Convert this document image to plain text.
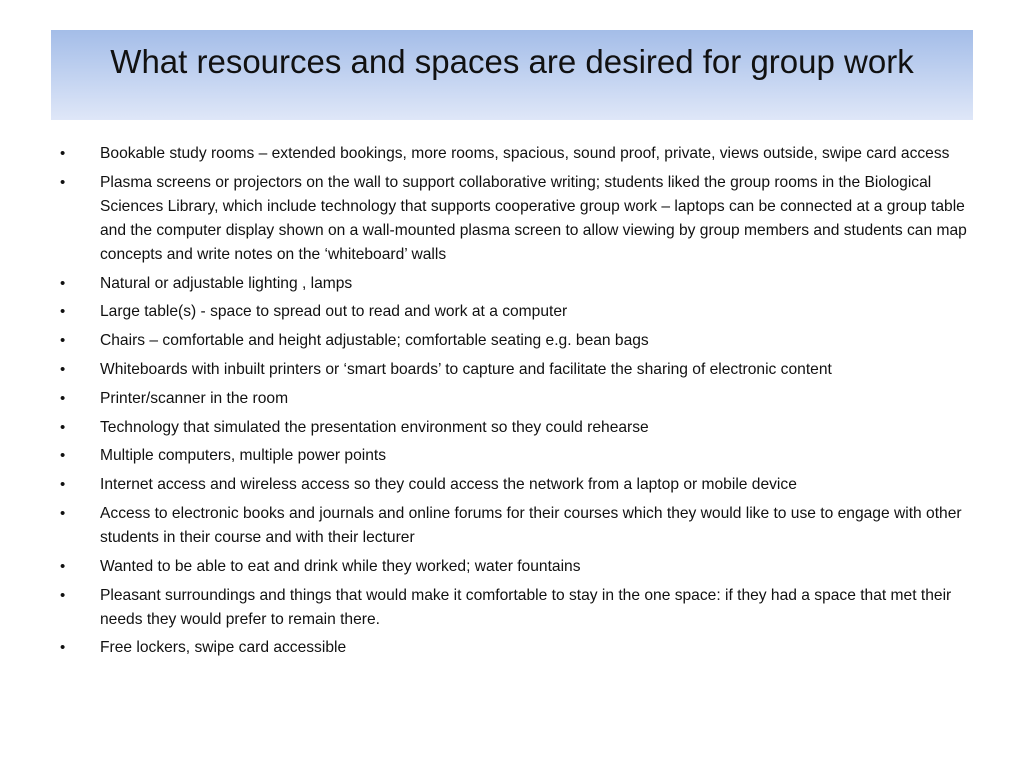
What resources and spaces are desired for group work
•	Bookable study rooms – extended bookings, more rooms, spacious, sound proof, private, views outside, swipe card access
•	Plasma screens or projectors on the wall to support collaborative writing; students liked the group rooms in the Biological Sciences Library, which include technology that supports cooperative group work – laptops can be connected at a group table and the computer display shown on a wall-mounted plasma screen to allow viewing by group members and students can map concepts and write notes on the ‘whiteboard’ walls
•	Natural or adjustable lighting , lamps
•	Large table(s) - space to spread out to read and work at a computer
•	Chairs – comfortable and height adjustable; comfortable seating e.g. bean bags
•	Whiteboards with inbuilt printers or ‘smart boards’ to capture and facilitate the sharing of electronic content
•	Printer/scanner in the room
•	Technology that simulated the presentation environment so they could rehearse
•	Multiple computers, multiple power points
•	Internet access and wireless access so they could access the network from a laptop or mobile device
•	Access to electronic books and journals and online forums for their courses which they would like to use to engage with other students in their course and with their lecturer
•	Wanted to be able to eat and drink while they worked; water fountains
•	Pleasant surroundings and things that would make it comfortable to stay in the one space: if they had a space that met their needs they would prefer to remain there.
•	Free lockers, swipe card accessible
